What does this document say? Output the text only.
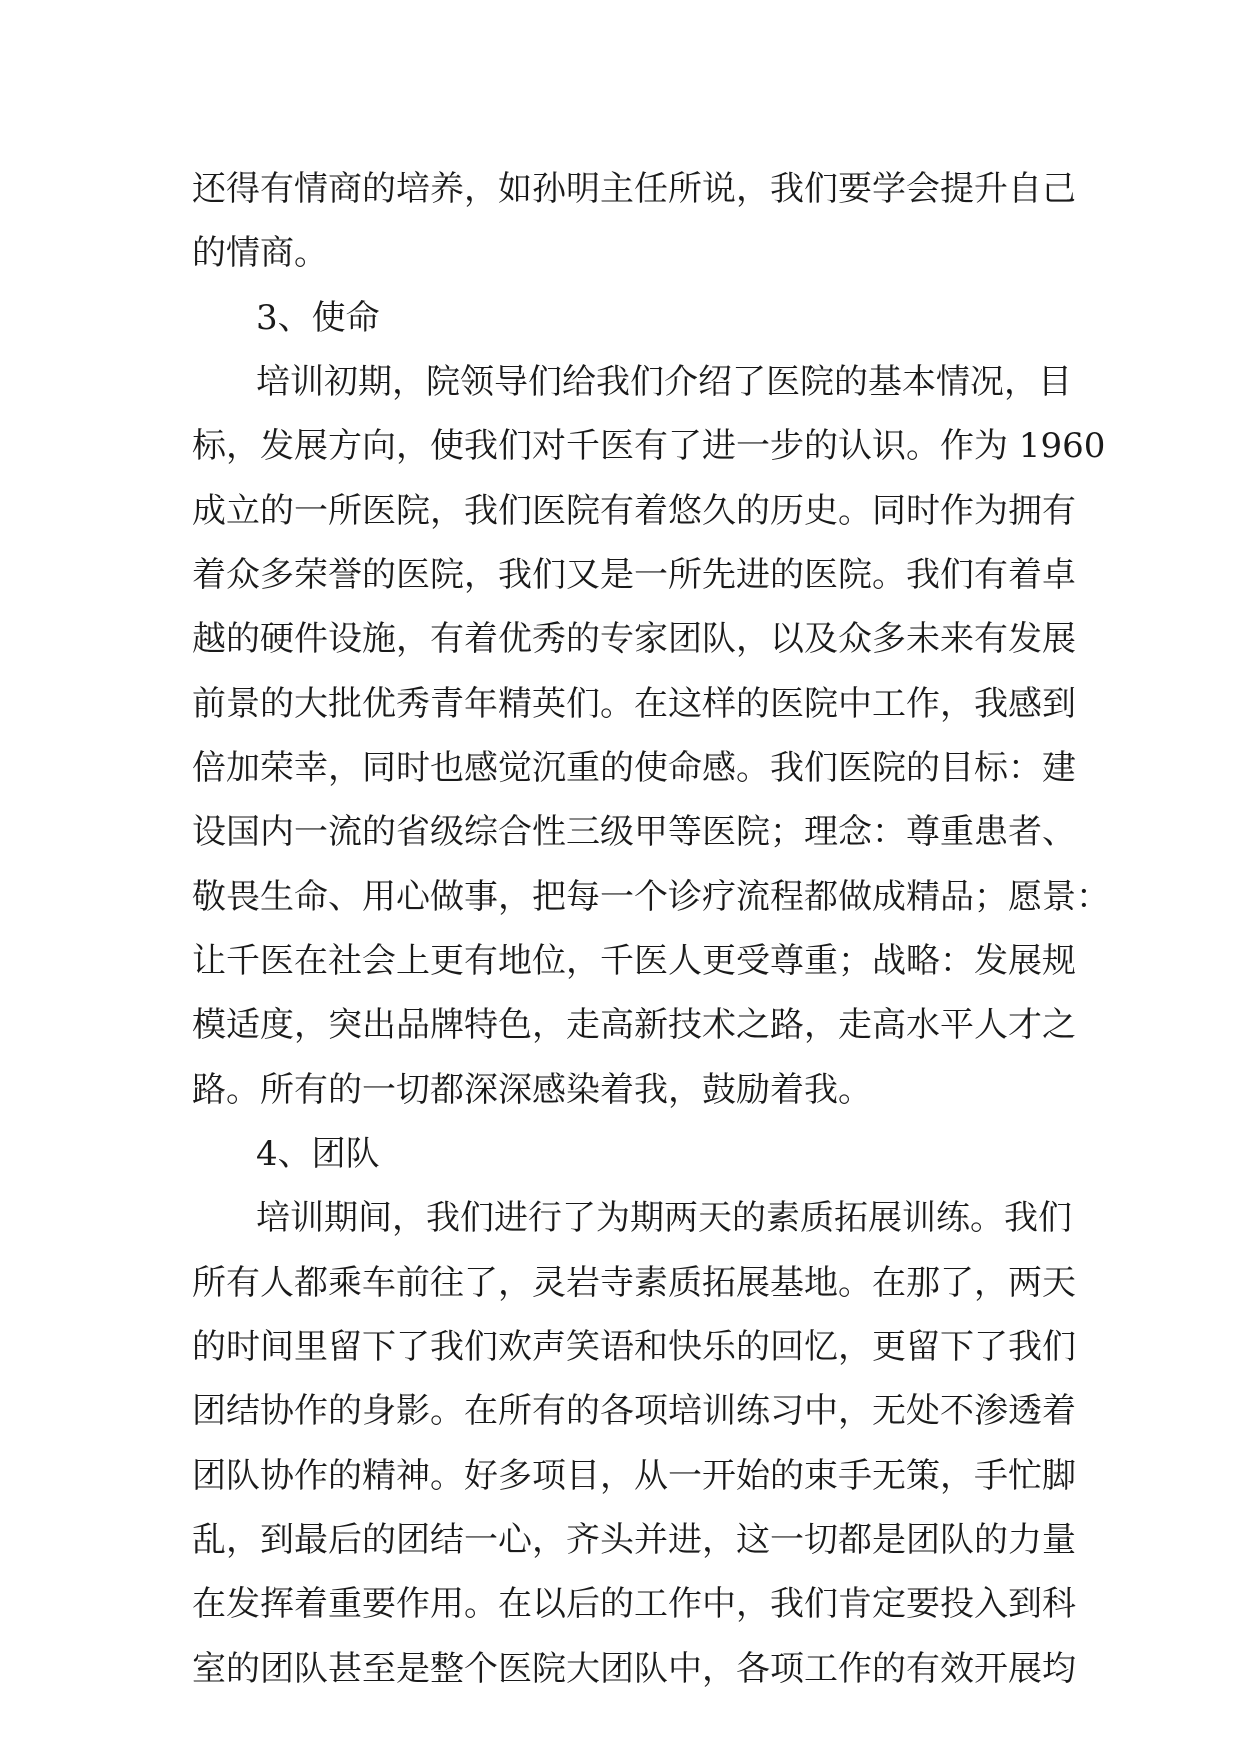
还得有情商的培养，如孙明主任所说，我们要学会提升自己
的情商。
3、使命
培训初期，院领导们给我们介绍了医院的基本情况，目
标，发展方向，使我们对千医有了进一步的认识。作为 1960
成立的一所医院，我们医院有着悠久的历史。同时作为拥有
着众多荣誉的医院，我们又是一所先进的医院。我们有着卓
越的硬件设施，有着优秀的专家团队，以及众多未来有发展
前景的大批优秀青年精英们。在这样的医院中工作，我感到
倍加荣幸，同时也感觉沉重的使命感。我们医院的目标：建
设国内一流的省级综合性三级甲等医院；理念：尊重患者、
敬畏生命、用心做事，把每一个诊疗流程都做成精品；愿景：
让千医在社会上更有地位，千医人更受尊重；战略：发展规
模适度，突出品牌特色，走高新技术之路，走高水平人才之
路。所有的一切都深深感染着我，鼓励着我。
4、团队
培训期间，我们进行了为期两天的素质拓展训练。我们
所有人都乘车前往了，灵岩寺素质拓展基地。在那了，两天
的时间里留下了我们欢声笑语和快乐的回忆，更留下了我们
团结协作的身影。在所有的各项培训练习中，无处不渗透着
团队协作的精神。好多项目，从一开始的束手无策，手忙脚
乱，到最后的团结一心，齐头并进，这一切都是团队的力量
在发挥着重要作用。在以后的工作中，我们肯定要投入到科
室的团队甚至是整个医院大团队中，各项工作的有效开展均
